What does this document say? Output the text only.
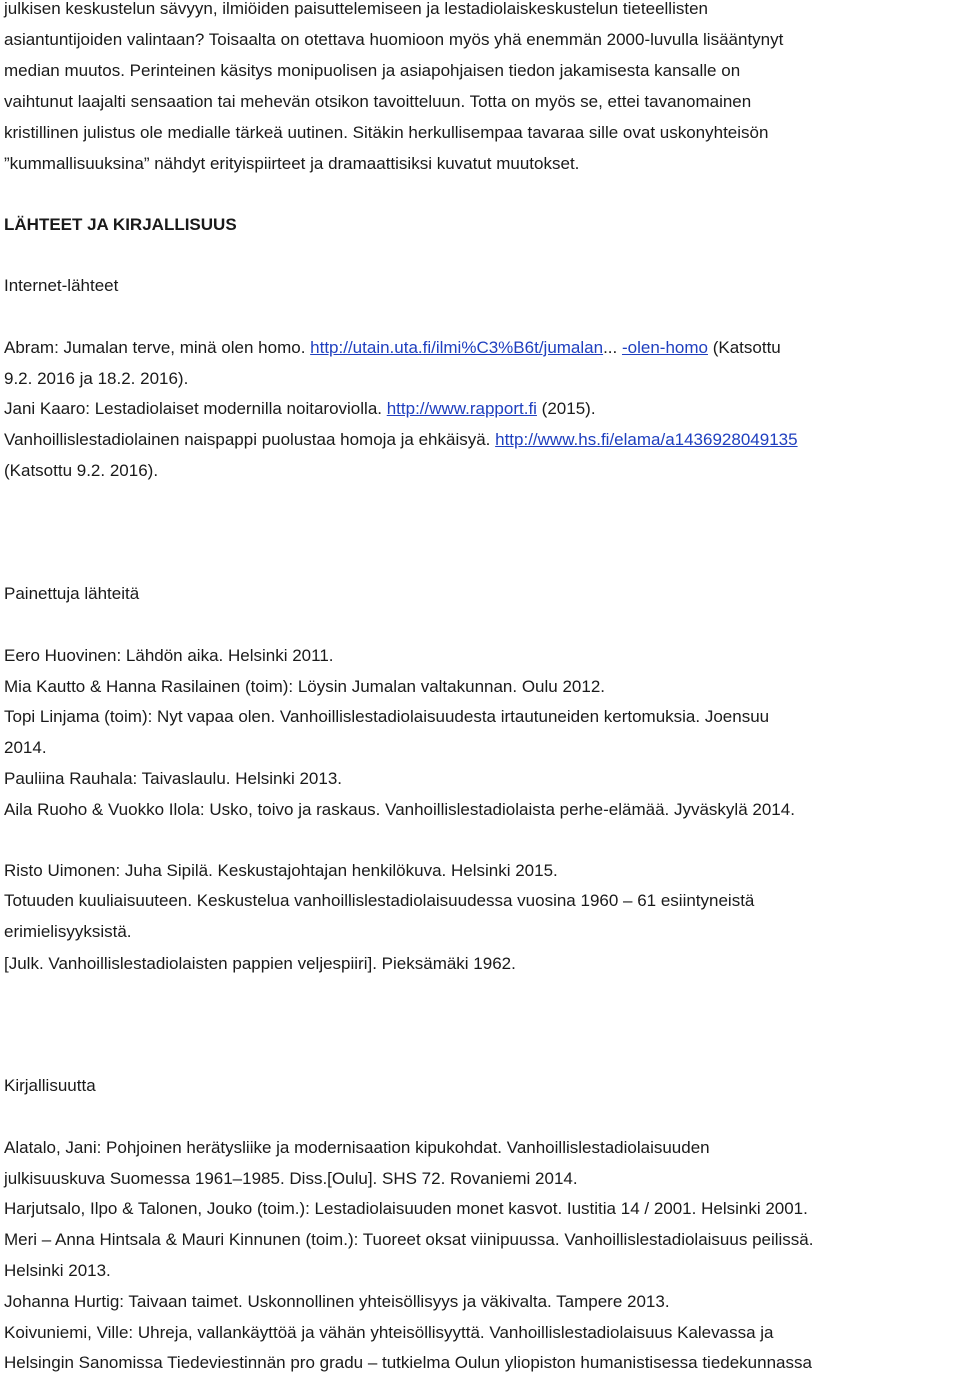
julkisen keskustelun sävyyn, ilmiöiden paisuttelemiseen ja lestadiolaiskeskustelun tieteellisten
asiantuntijoiden valintaan? Toisaalta on otettava huomioon myös yhä enemmän 2000-luvulla lisääntynyt
median muutos. Perinteinen käsitys monipuolisen ja asiapohjaisen tiedon jakamisesta kansalle on
vaihtunut laajalti sensaation tai mehevän otsikon tavoitteluun. Totta on myös se, ettei tavanomainen
kristillinen julistus ole medialle tärkeä uutinen. Sitäkin herkullisempaa tavaraa sille ovat uskonyhteisön
”kummallisuuksina” nähdyt erityispiirteet ja dramaattisiksi kuvatut muutokset.
LÄHTEET JA KIRJALLISUUS
Internet-lähteet
Abram: Jumalan terve, minä olen homo. http://utain.uta.fi/ilmi%C3%B6t/jumalan... -olen-homo (Katsottu
9.2. 2016 ja 18.2. 2016).
Jani Kaaro: Lestadiolaiset modernilla noitaroviolla. http://www.rapport.fi (2015).
Vanhoillislestadiolainen naispappi puolustaa homoja ja ehkäisyä. http://www.hs.fi/elama/a1436928049135
(Katsottu 9.2. 2016).
Painettuja lähteitä
Eero Huovinen: Lähdön aika. Helsinki 2011.
Mia Kautto & Hanna Rasilainen (toim): Löysin Jumalan valtakunnan. Oulu 2012.
Topi Linjama (toim): Nyt vapaa olen. Vanhoillislestadiolaisuudesta irtautuneiden kertomuksia. Joensuu
2014.
Pauliina Rauhala: Taivaslaulu. Helsinki 2013.
Aila Ruoho & Vuokko Ilola: Usko, toivo ja raskaus. Vanhoillislestadiolaista perhe-elämää. Jyväskylä 2014.
Risto Uimonen: Juha Sipilä. Keskustajohtajan henkilökuva. Helsinki 2015.
Totuuden kuuliaisuuteen. Keskustelua vanhoillislestadiolaisuudessa vuosina 1960 – 61 esiintyneistä
erimielisyyksistä.
[Julk. Vanhoillislestadiolaisten pappien veljespiiri]. Pieksämäki 1962.
Kirjallisuutta
Alatalo, Jani: Pohjoinen herätysliike ja modernisaation kipukohdat. Vanhoillislestadiolaisuuden
julkisuuskuva Suomessa 1961–1985. Diss.[Oulu]. SHS 72. Rovaniemi 2014.
Harjutsalo, Ilpo & Talonen, Jouko (toim.): Lestadiolaisuuden monet kasvot. Iustitia 14 / 2001. Helsinki 2001.
Meri – Anna Hintsala & Mauri Kinnunen (toim.): Tuoreet oksat viinipuussa. Vanhoillislestadiolaisuus peilissä.
Helsinki 2013.
Johanna Hurtig: Taivaan taimet. Uskonnollinen yhteisöllisyys ja väkivalta. Tampere 2013.
Koivuniemi, Ville: Uhreja, vallankäyttöä ja vähän yhteisöllisyyttä. Vanhoillislestadiolaisuus Kalevassa ja
Helsingin Sanomissa Tiedeviestinnän pro gradu – tutkielma Oulun yliopiston humanistisessa tiedekunnassa
